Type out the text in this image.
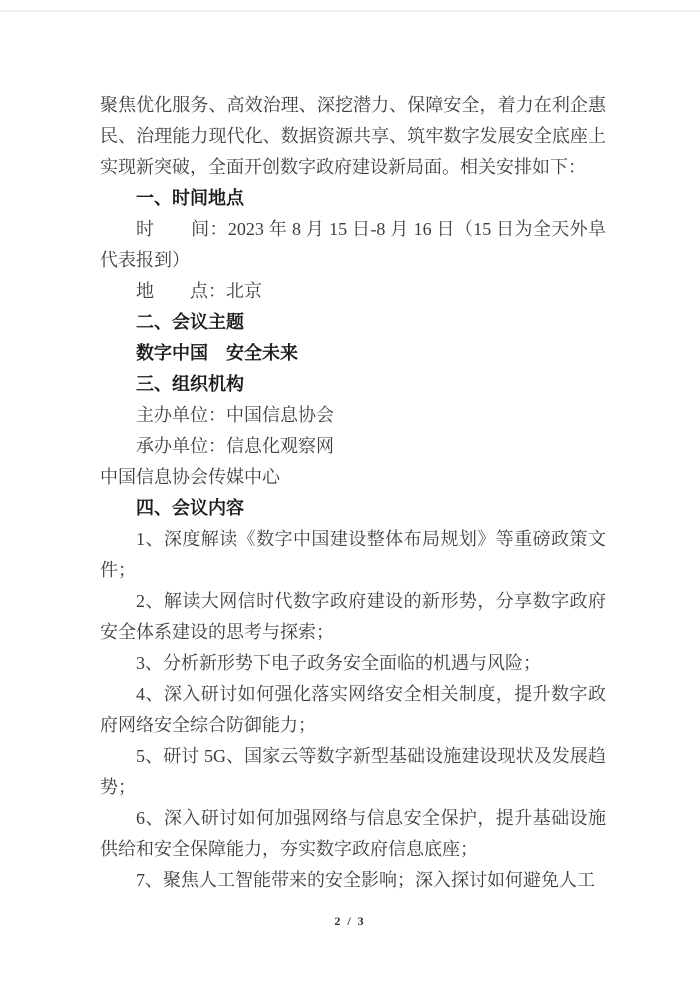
聚焦优化服务、高效治理、深挖潜力、保障安全，着力在利企惠民、治理能力现代化、数据资源共享、筑牢数字发展安全底座上实现新突破，全面开创数字政府建设新局面。相关安排如下：

一、时间地点

时　　间：2023 年 8 月 15 日-8 月 16 日（15 日为全天外阜代表报到）

地　　点：北京

二、会议主题

数字中国　安全未来

三、组织机构

主办单位：中国信息协会

承办单位：信息化观察网

中国信息协会传媒中心

四、会议内容

1、深度解读《数字中国建设整体布局规划》等重磅政策文件；

2、解读大网信时代数字政府建设的新形势，分享数字政府安全体系建设的思考与探索；

3、分析新形势下电子政务安全面临的机遇与风险；

4、深入研讨如何强化落实网络安全相关制度，提升数字政府网络安全综合防御能力；

5、研讨 5G、国家云等数字新型基础设施建设现状及发展趋势；

6、深入研讨如何加强网络与信息安全保护，提升基础设施供给和安全保障能力，夯实数字政府信息底座；

7、聚焦人工智能带来的安全影响；深入探讨如何避免人工

2 / 3
